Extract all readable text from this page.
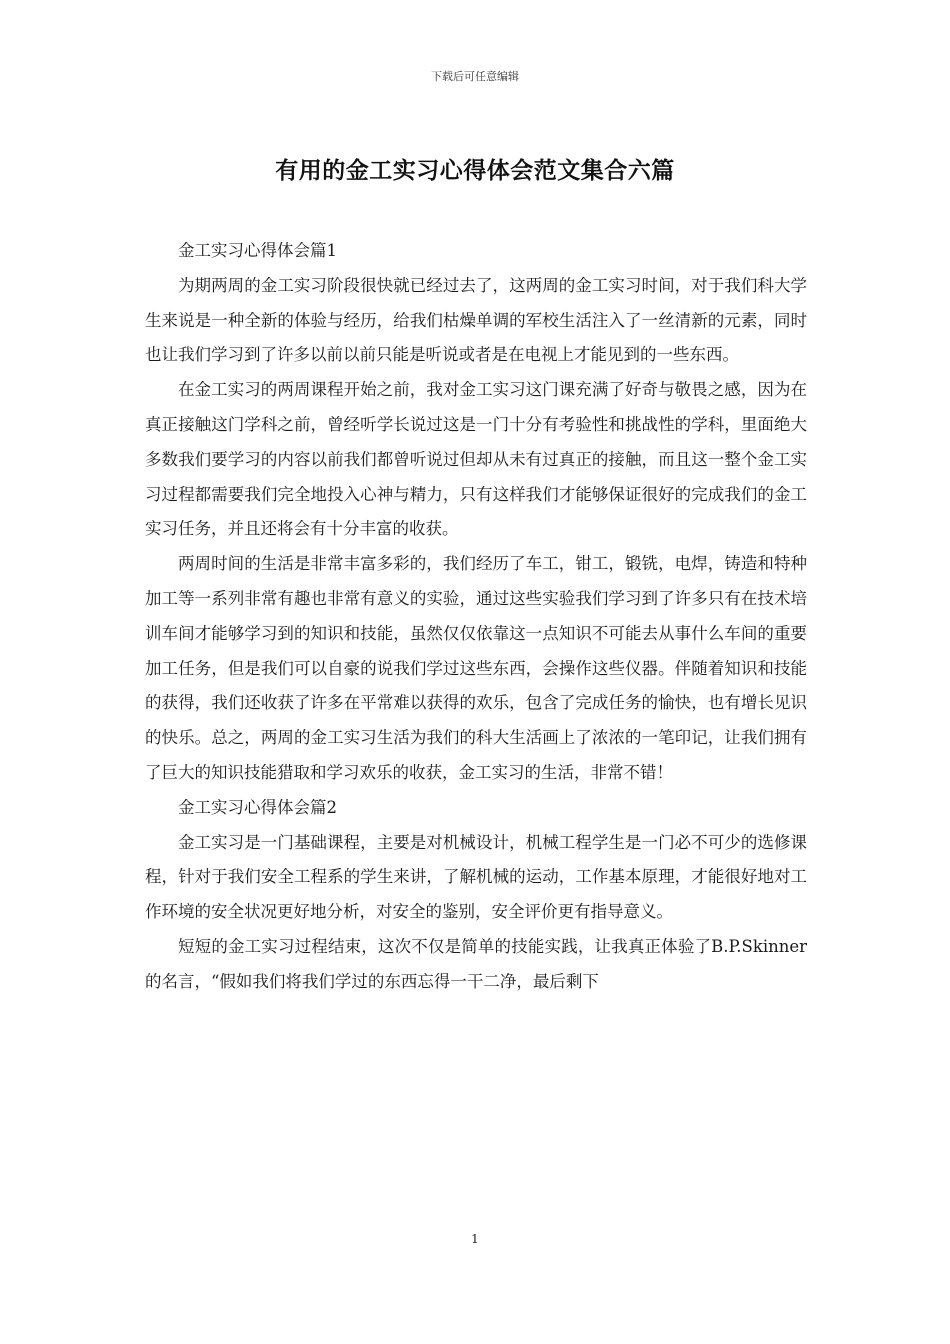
下载后可任意编辑
有用的金工实习心得体会范文集合六篇

金工实习心得体会篇1

为期两周的金工实习阶段很快就已经过去了，这两周的金工实习时间，对于我们科大学生来说是一种全新的体验与经历，给我们枯燥单调的军校生活注入了一丝清新的元素，同时也让我们学习到了许多以前以前只能是听说或者是在电视上才能见到的一些东西。

在金工实习的两周课程开始之前，我对金工实习这门课充满了好奇与敬畏之感，因为在真正接触这门学科之前，曾经听学长说过这是一门十分有考验性和挑战性的学科，里面绝大多数我们要学习的内容以前我们都曾听说过但却从未有过真正的接触，而且这一整个金工实习过程都需要我们完全地投入心神与精力，只有这样我们才能够保证很好的完成我们的金工实习任务，并且还将会有十分丰富的收获。

两周时间的生活是非常丰富多彩的，我们经历了车工，钳工，锻铣，电焊，铸造和特种加工等一系列非常有趣也非常有意义的实验，通过这些实验我们学习到了许多只有在技术培训车间才能够学习到的知识和技能，虽然仅仅依靠这一点知识不可能去从事什么车间的重要加工任务，但是我们可以自豪的说我们学过这些东西，会操作这些仪器。伴随着知识和技能的获得，我们还收获了许多在平常难以获得的欢乐，包含了完成任务的愉快，也有增长见识的快乐。总之，两周的金工实习生活为我们的科大生活画上了浓浓的一笔印记，让我们拥有了巨大的知识技能猎取和学习欢乐的收获，金工实习的生活，非常不错！

金工实习心得体会篇2

金工实习是一门基础课程，主要是对机械设计，机械工程学生是一门必不可少的选修课程，针对于我们安全工程系的学生来讲，了解机械的运动，工作基本原理，才能很好地对工作环境的安全状况更好地分析，对安全的鉴别，安全评价更有指导意义。

短短的金工实习过程结束，这次不仅是简单的技能实践，让我真正体验了B.P.Skinner的名言，“假如我们将我们学过的东西忘得一干二净，最后剩下

1
